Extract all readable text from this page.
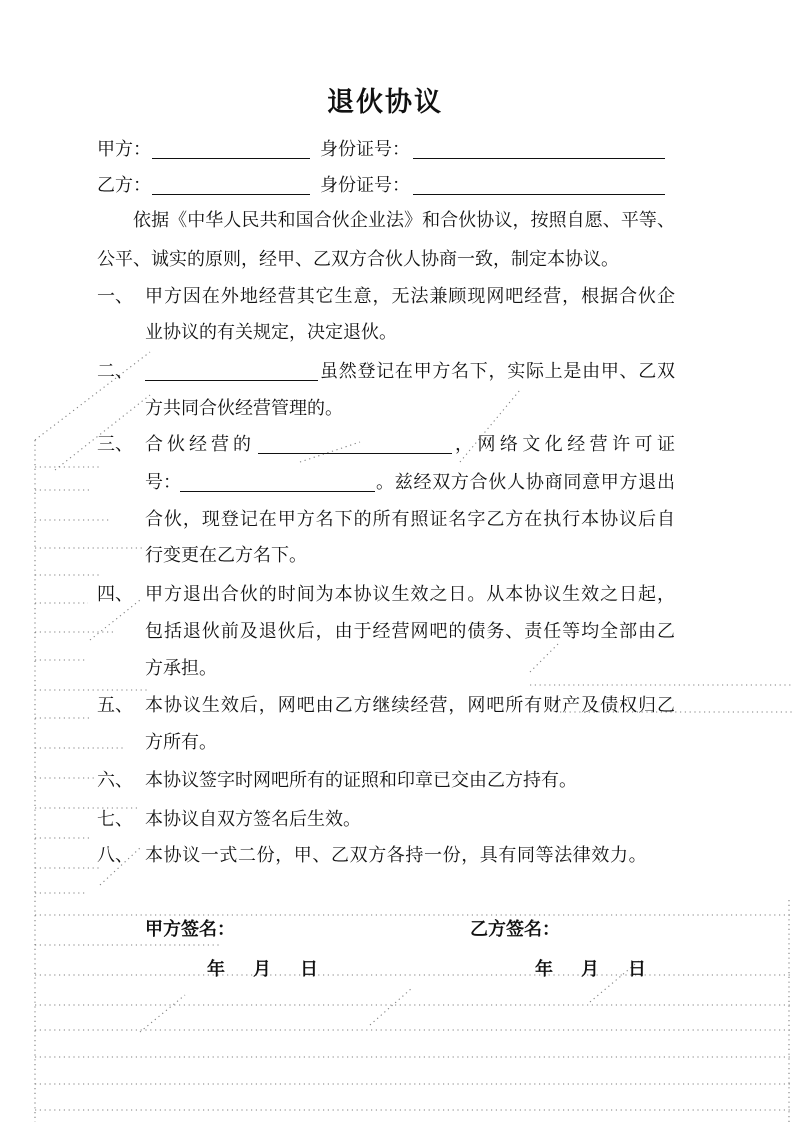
退伙协议
甲方：	身份证号：
乙方：	身份证号：
依据《中华人民共和国合伙企业法》和合伙协议，按照自愿、平等、
公平、诚实的原则，经甲、乙双方合伙人协商一致，制定本协议。
一、 甲方因在外地经营其它生意，无法兼顾现网吧经营，根据合伙企
业协议的有关规定，决定退伙。
二、	虽然登记在甲方名下，实际上是由甲、乙双
方共同合伙经营管理的。
三、 合伙经营的	，网络文化经营许可证
号：	。兹经双方合伙人协商同意甲方退出
合伙，现登记在甲方名下的所有照证名字乙方在执行本协议后自
行变更在乙方名下。
四、 甲方退出合伙的时间为本协议生效之日。从本协议生效之日起，
包括退伙前及退伙后，由于经营网吧的债务、责任等均全部由乙
方承担。
五、 本协议生效后，网吧由乙方继续经营，网吧所有财产及债权归乙
方所有。
六、 本协议签字时网吧所有的证照和印章已交由乙方持有。
七、 本协议自双方签名后生效。
八、 本协议一式二份，甲、乙双方各持一份，具有同等法律效力。
甲方签名：	乙方签名：
年 月 日	年 月 日
